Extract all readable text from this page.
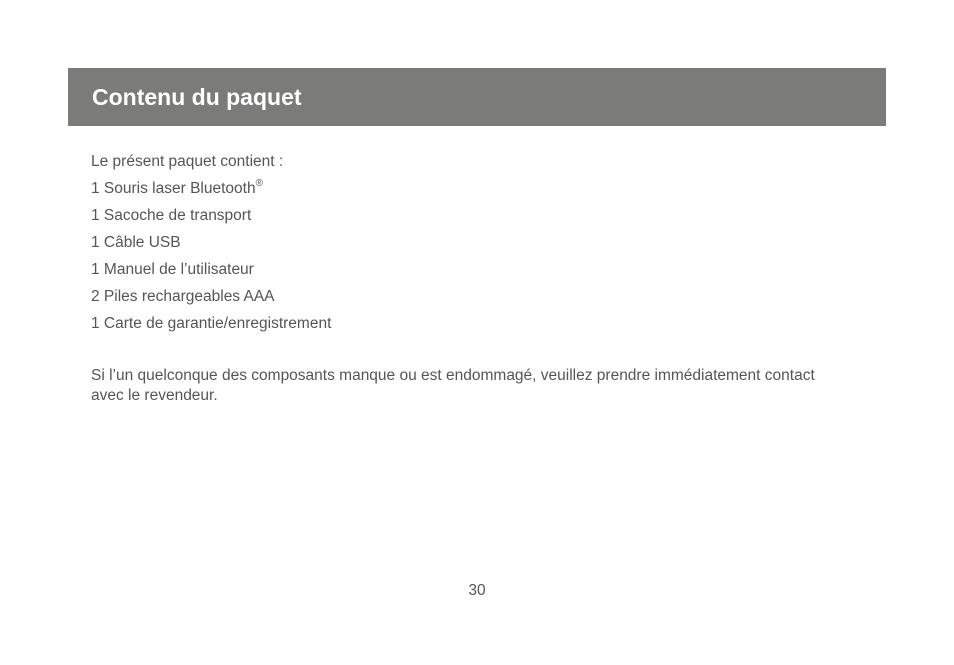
Contenu du paquet

Le présent paquet contient :

1 Souris laser Bluetooth®
1 Sacoche de transport
1 Câble USB
1 Manuel de l’utilisateur
2 Piles rechargeables AAA
1 Carte de garantie/enregistrement

Si l’un quelconque des composants manque ou est endommagé, veuillez prendre immédiatement contact avec le revendeur.

30
